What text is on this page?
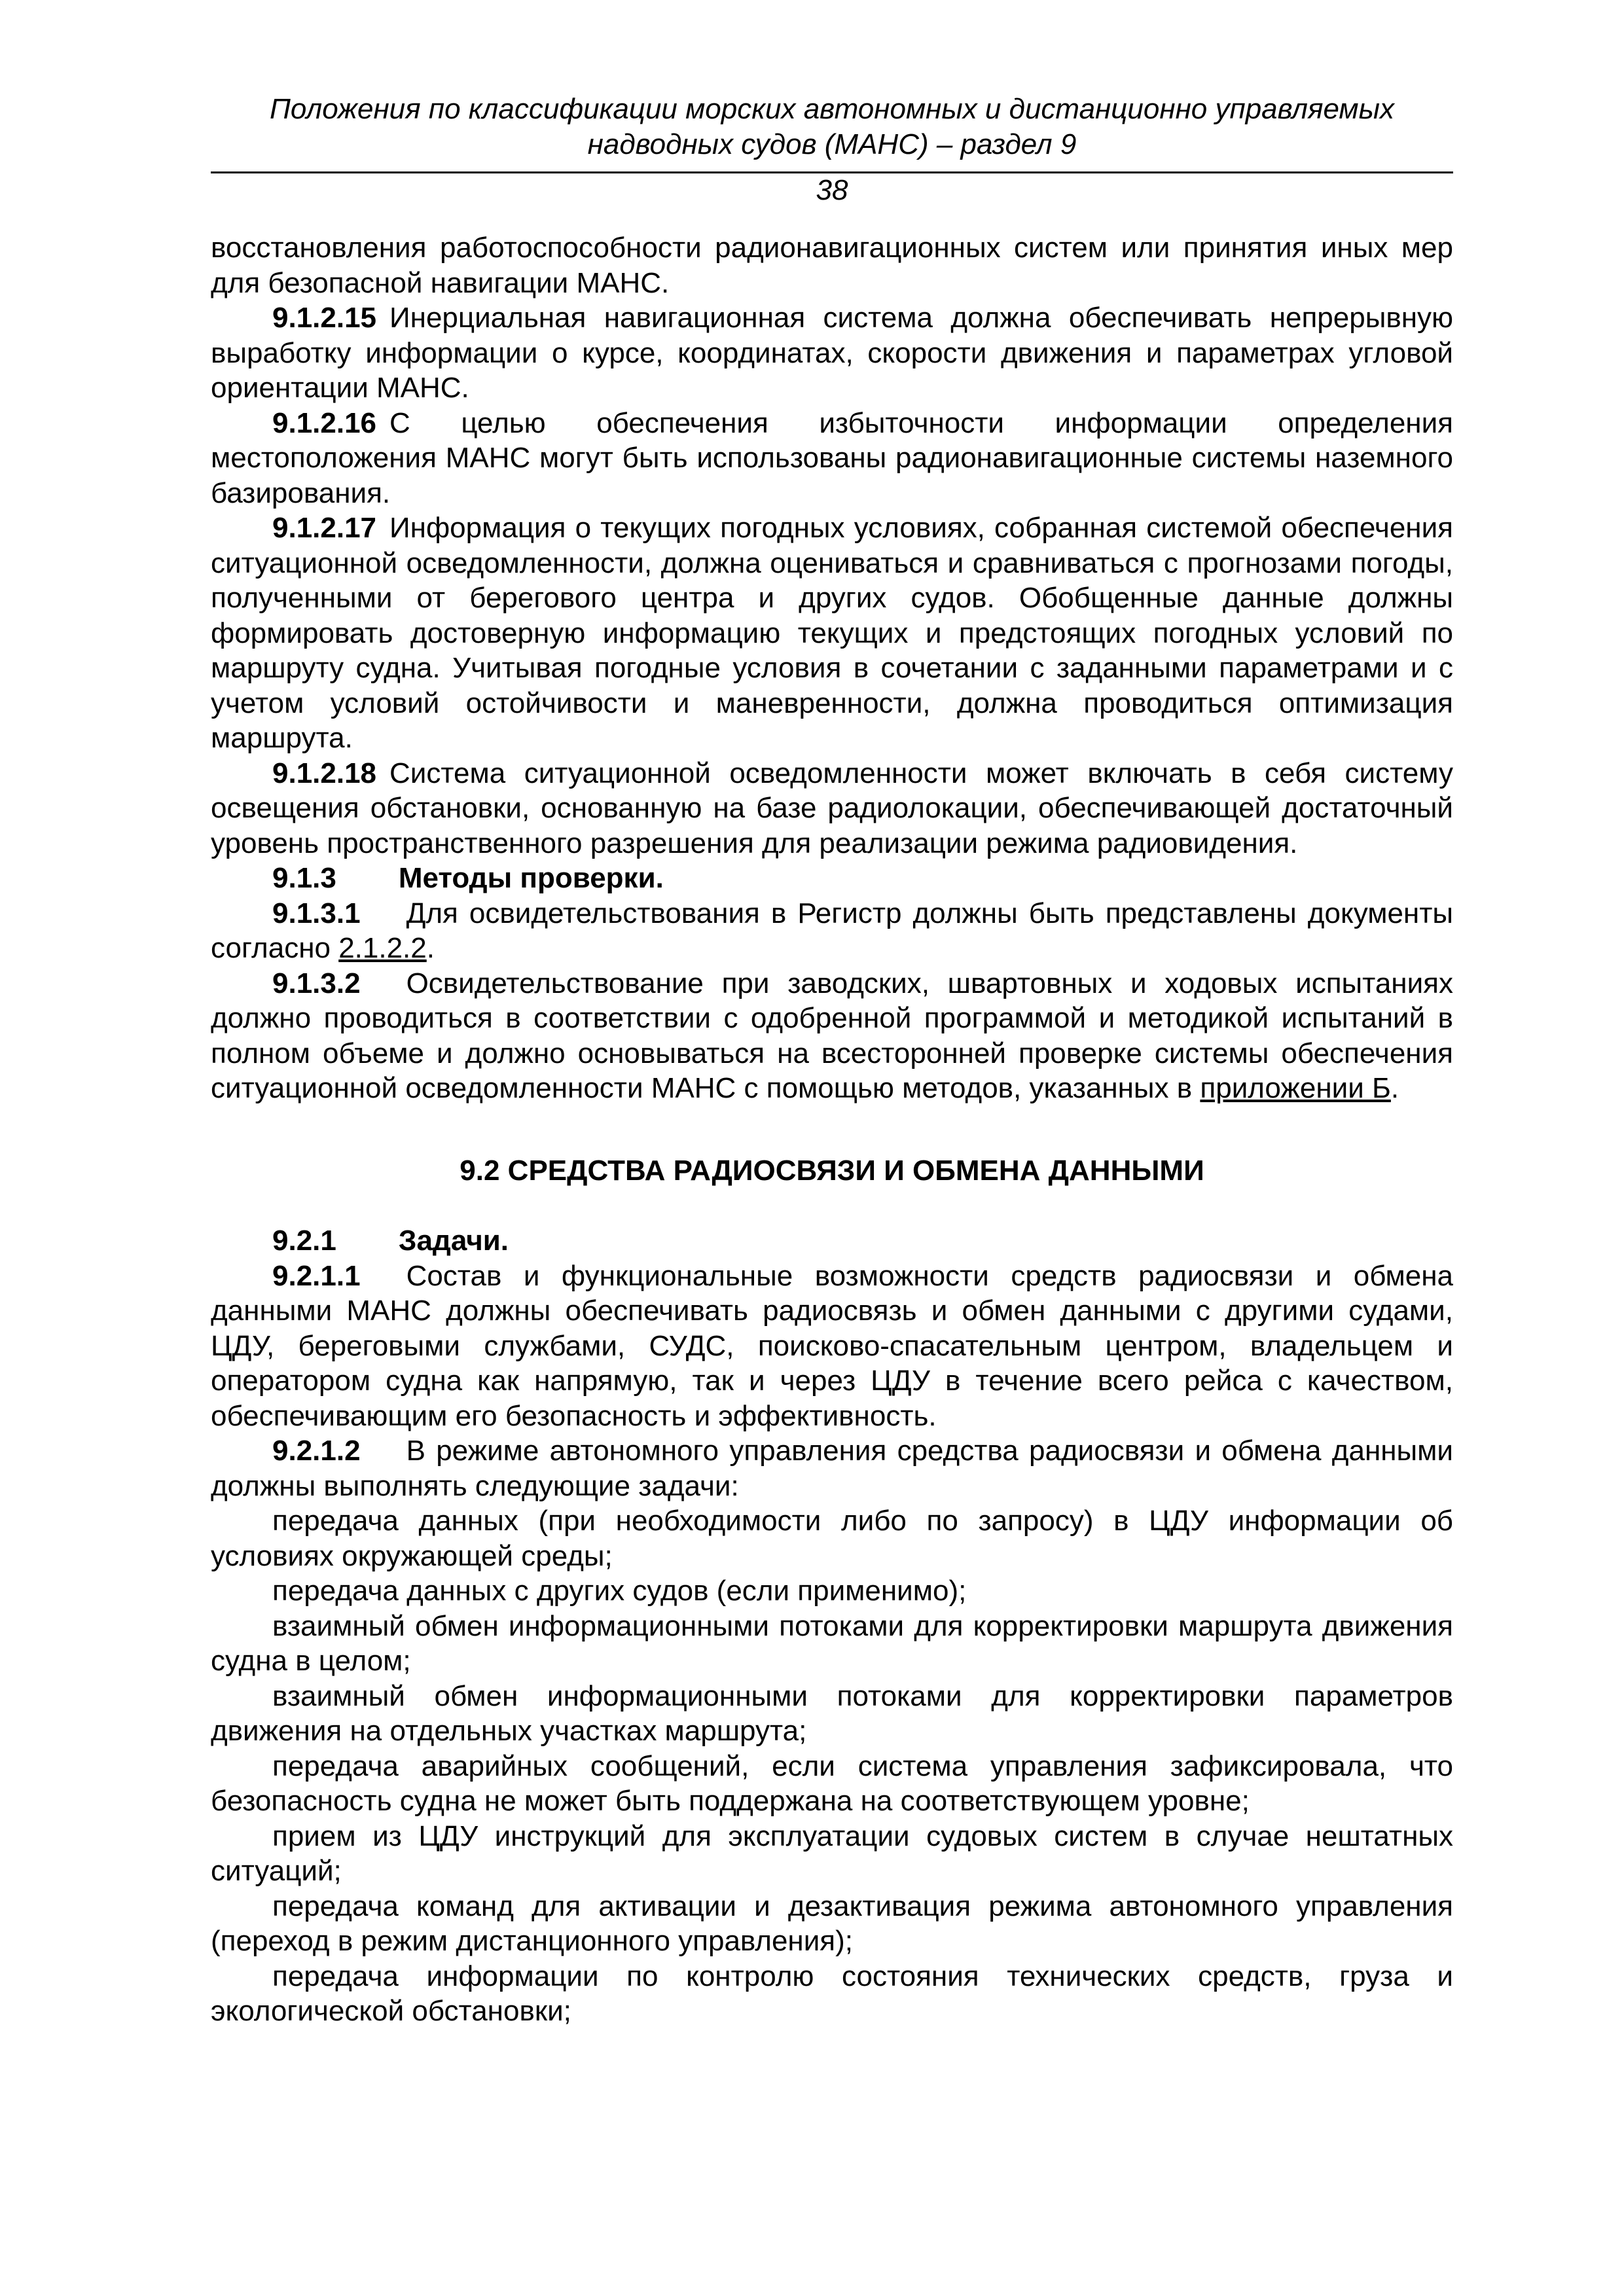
Положения по классификации морских автономных и дистанционно управляемых
надводных судов (МАНС) – раздел 9
38

восстановления работоспособности радионавигационных систем или принятия иных мер для безопасной навигации МАНС.

9.1.2.15 Инерциальная навигационная система должна обеспечивать непрерывную выработку информации о курсе, координатах, скорости движения и параметрах угловой ориентации МАНС.

9.1.2.16 С целью обеспечения избыточности информации определения местоположения МАНС могут быть использованы радионавигационные системы наземного базирования.

9.1.2.17 Информация о текущих погодных условиях, собранная системой обеспечения ситуационной осведомленности, должна оцениваться и сравниваться с прогнозами погоды, полученными от берегового центра и других судов. Обобщенные данные должны формировать достоверную информацию текущих и предстоящих погодных условий по маршруту судна. Учитывая погодные условия в сочетании с заданными параметрами и с учетом условий остойчивости и маневренности, должна проводиться оптимизация маршрута.

9.1.2.18 Система ситуационной осведомленности может включать в себя систему освещения обстановки, основанную на базе радиолокации, обеспечивающей достаточный уровень пространственного разрешения для реализации режима радиовидения.

9.1.3 Методы проверки.

9.1.3.1 Для освидетельствования в Регистр должны быть представлены документы согласно 2.1.2.2.

9.1.3.2 Освидетельствование при заводских, швартовных и ходовых испытаниях должно проводиться в соответствии с одобренной программой и методикой испытаний в полном объеме и должно основываться на всесторонней проверке системы обеспечения ситуационной осведомленности МАНС с помощью методов, указанных в приложении Б.

9.2 СРЕДСТВА РАДИОСВЯЗИ И ОБМЕНА ДАННЫМИ

9.2.1 Задачи.

9.2.1.1 Состав и функциональные возможности средств радиосвязи и обмена данными МАНС должны обеспечивать радиосвязь и обмен данными с другими судами, ЦДУ, береговыми службами, СУДС, поисково-спасательным центром, владельцем и оператором судна как напрямую, так и через ЦДУ в течение всего рейса с качеством, обеспечивающим его безопасность и эффективность.

9.2.1.2 В режиме автономного управления средства радиосвязи и обмена данными должны выполнять следующие задачи:

передача данных (при необходимости либо по запросу) в ЦДУ информации об условиях окружающей среды;

передача данных с других судов (если применимо);

взаимный обмен информационными потоками для корректировки маршрута движения судна в целом;

взаимный обмен информационными потоками для корректировки параметров движения на отдельных участках маршрута;

передача аварийных сообщений, если система управления зафиксировала, что безопасность судна не может быть поддержана на соответствующем уровне;

прием из ЦДУ инструкций для эксплуатации судовых систем в случае нештатных ситуаций;

передача команд для активации и дезактивация режима автономного управления (переход в режим дистанционного управления);

передача информации по контролю состояния технических средств, груза и экологической обстановки;
